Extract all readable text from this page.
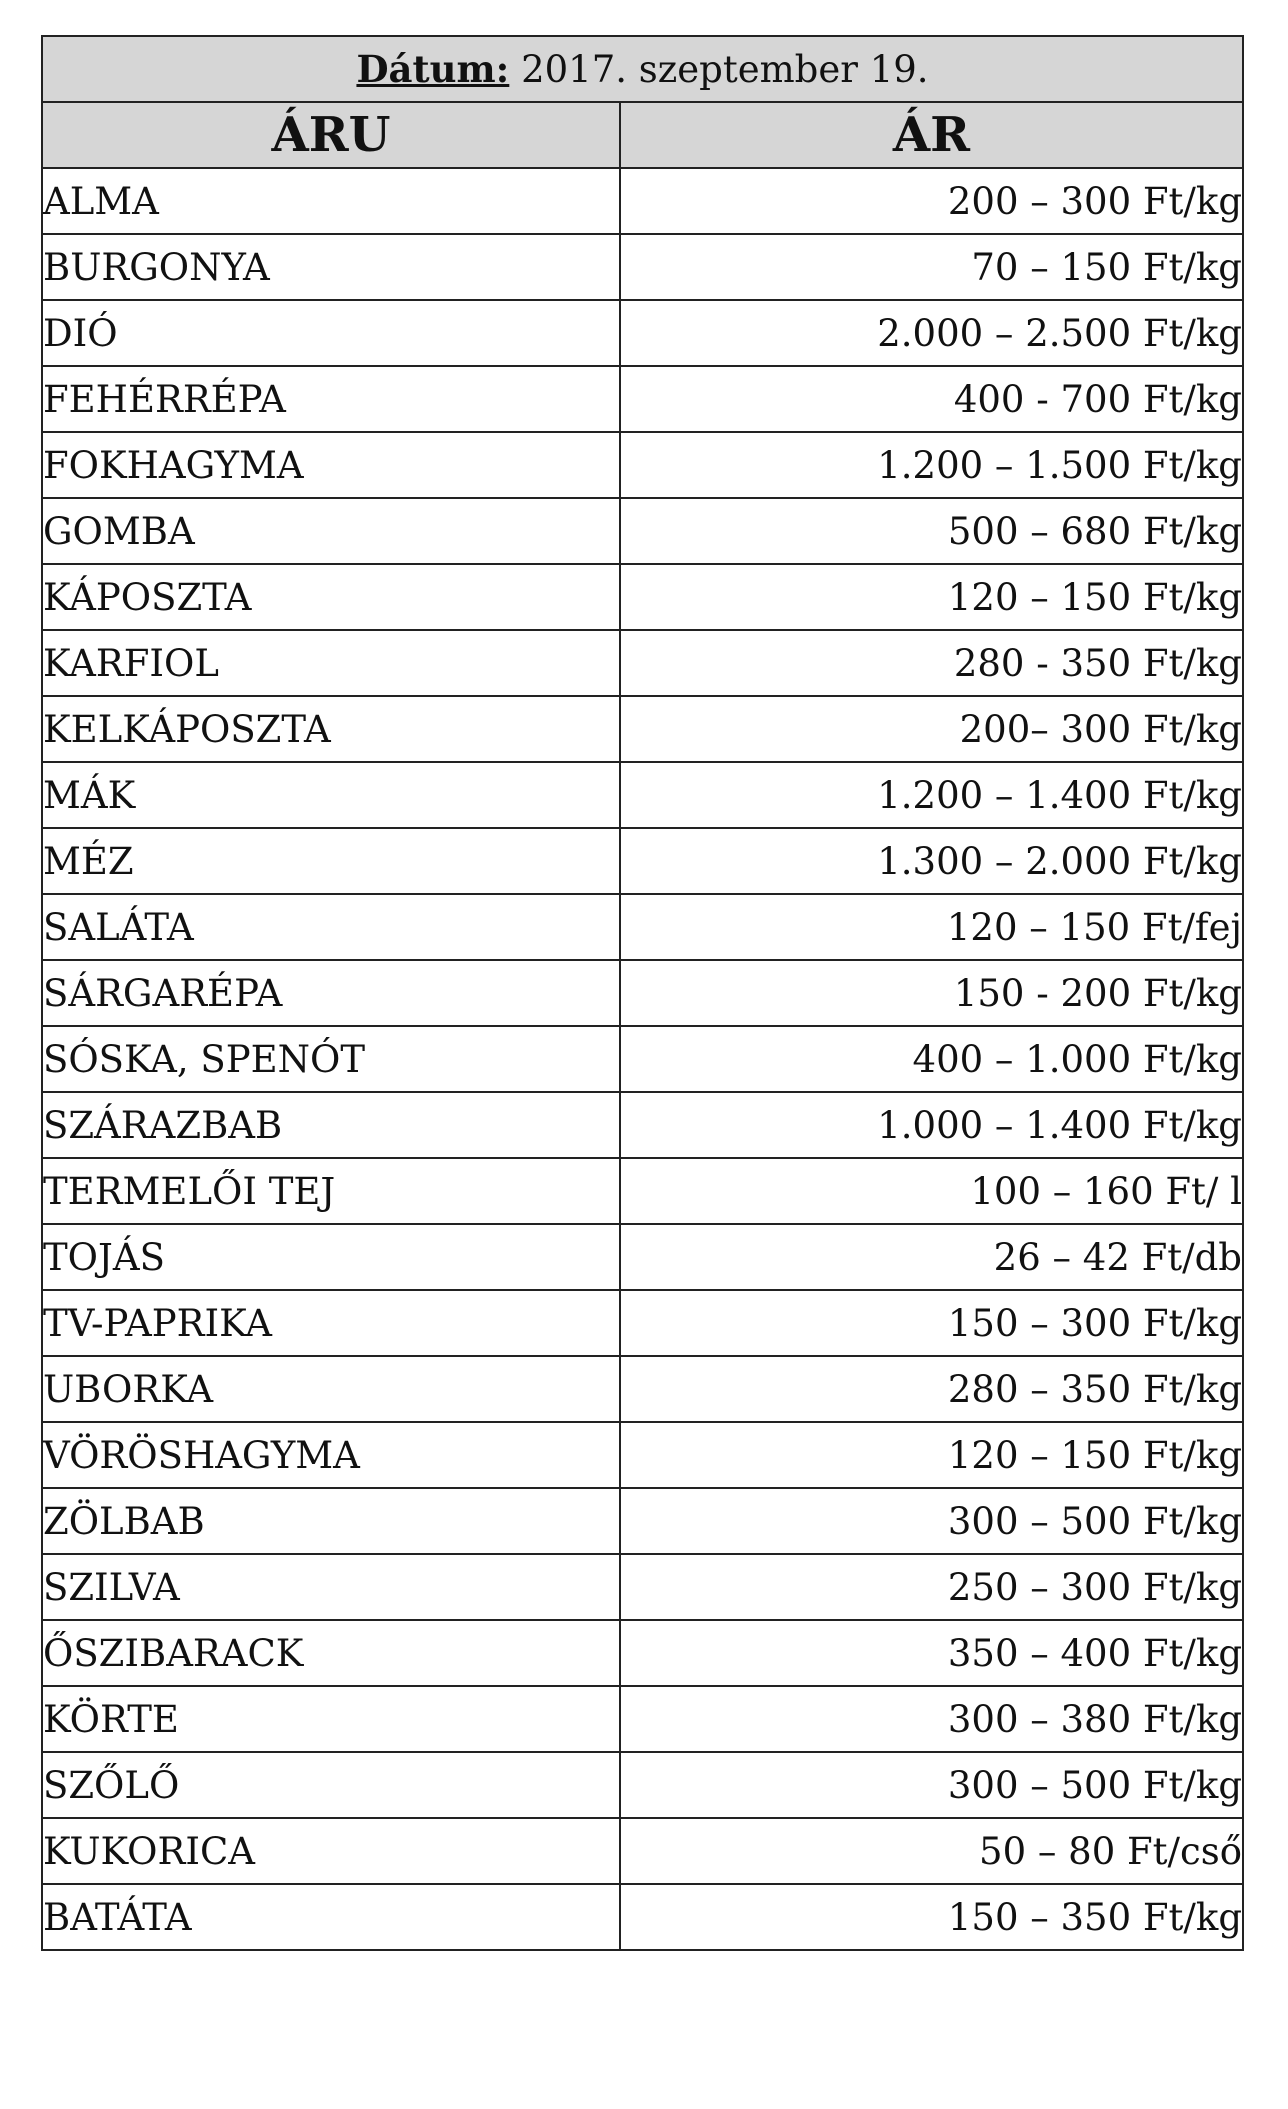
Dátum: 2017. szeptember 19.	
ÁRU	ÁR
ALMA	200 – 300 Ft/kg
BURGONYA	70 – 150 Ft/kg
DIÓ	2.000 – 2.500 Ft/kg
FEHÉRRÉPA	400 - 700 Ft/kg
FOKHAGYMA	1.200 – 1.500 Ft/kg
GOMBA	500 – 680 Ft/kg
KÁPOSZTA	120 – 150 Ft/kg
KARFIOL	280 - 350 Ft/kg
KELKÁPOSZTA	200– 300 Ft/kg
MÁK	1.200 – 1.400 Ft/kg
MÉZ	1.300 – 2.000 Ft/kg
SALÁTA	120 – 150 Ft/fej
SÁRGARÉPA	150 - 200 Ft/kg
SÓSKA, SPENÓT	400 – 1.000 Ft/kg
SZÁRAZBAB	1.000 – 1.400 Ft/kg
TERMELŐI TEJ	100 – 160 Ft/ l
TOJÁS	26 – 42 Ft/db
TV-PAPRIKA	150 – 300 Ft/kg
UBORKA	280 – 350 Ft/kg
VÖRÖSHAGYMA	120 – 150 Ft/kg
ZÖLBAB	300 – 500 Ft/kg
SZILVA	250 – 300 Ft/kg
ŐSZIBARACK	350 – 400 Ft/kg
KÖRTE	300 – 380 Ft/kg
SZŐLŐ	300 – 500 Ft/kg
KUKORICA	50 – 80 Ft/cső
BATÁTA	150 – 350 Ft/kg
